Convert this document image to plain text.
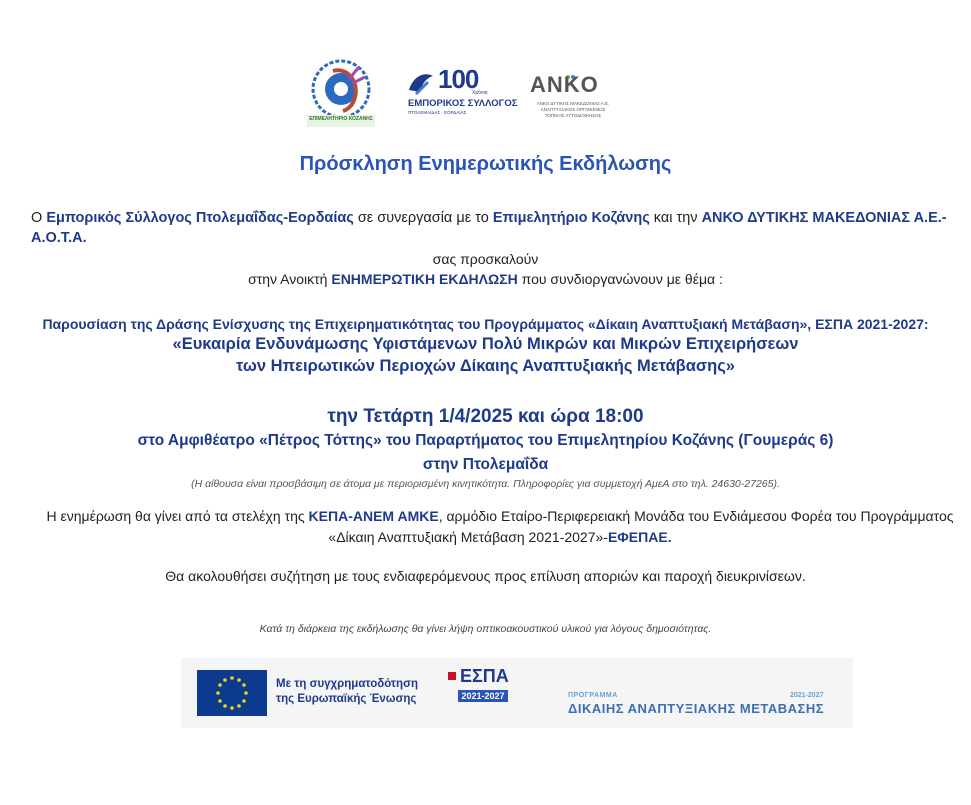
ΕΠΙΜΕΛΗΤΗΡΙΟ ΚΟΖΑΝΗΣ
100
Χρόνια
ΕΜΠΟΡΙΚΟΣ ΣΥΛΛΟΓΟΣ
ΠΤΟΛΕΜΑΪΔΑΣ · ΕΟΡΔΑΙΑΣ
ANKO
ΑΝΚΟ ΔΥΤΙΚΗΣ ΜΑΚΕΔΟΝΙΑΣ Α.Ε.
ΑΝΑΠΤΥΞΙΑΚΟΣ ΟΡΓΑΝΙΣΜΟΣ
ΤΟΠΙΚΗΣ ΑΥΤΟΔΙΟΙΚΗΣΗΣ
Πρόσκληση Ενημερωτικής Εκδήλωσης
Ο Εμπορικός Σύλλογος Πτολεμαΐδας-Εορδαίας σε συνεργασία με το Επιμελητήριο Κοζάνης και την ΑΝΚΟ ΔΥΤΙΚΗΣ ΜΑΚΕΔΟΝΙΑΣ Α.Ε.-Α.Ο.Τ.Α.
σας προσκαλούν
στην Ανοικτή ΕΝΗΜΕΡΩΤΙΚΗ ΕΚΔΗΛΩΣΗ που συνδιοργανώνουν με θέμα :
Παρουσίαση της Δράσης Ενίσχυσης της Επιχειρηματικότητας του Προγράμματος «Δίκαιη Αναπτυξιακή Μετάβαση», ΕΣΠΑ 2021-2027:
«Ευκαιρία Ενδυνάμωσης Υφιστάμενων Πολύ Μικρών και Μικρών Επιχειρήσεων
των Ηπειρωτικών Περιοχών Δίκαιης Αναπτυξιακής Μετάβασης»
την Τετάρτη 1/4/2025 και ώρα 18:00
στο Αμφιθέατρο «Πέτρος Τόττης» του Παραρτήματος του Επιμελητηρίου Κοζάνης (Γουμεράς 6)
στην Πτολεμαΐδα
(Η αίθουσα είναι προσβάσιμη σε άτομα με περιορισμένη κινητικότητα. Πληροφορίες για συμμετοχή ΑμεΑ στο τηλ. 24630-27265).
Η ενημέρωση θα γίνει από τα στελέχη της ΚΕΠΑ-ΑΝΕΜ ΑΜΚΕ, αρμόδιο Εταίρο-Περιφερειακή Μονάδα του Ενδιάμεσου Φορέα του Προγράμματος «Δίκαιη Αναπτυξιακή Μετάβαση 2021-2027»-ΕΦΕΠΑΕ.
Θα ακολουθήσει συζήτηση με τους ενδιαφερόμενους προς επίλυση αποριών και παροχή διευκρινίσεων.
Κατά τη διάρκεια της εκδήλωσης θα γίνει λήψη οπτικοακουστικού υλικού για λόγους δημοσιότητας.
Με τη συγχρηματοδότηση
της Ευρωπαϊκής Ένωσης
ΕΣΠΑ
2021-2027	ΠΡΟΓΡΑΜΜΑ	2021-2027
ΔΙΚΑΙΗΣ ΑΝΑΠΤΥΞΙΑΚΗΣ ΜΕΤΑΒΑΣΗΣ
